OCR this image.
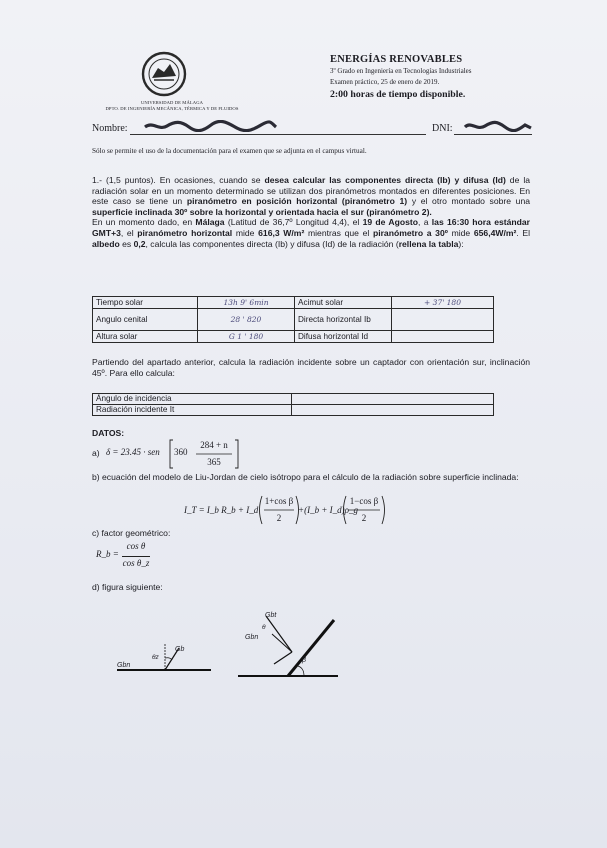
UNIVERSIDAD DE MÁLAGA
DPTO. DE INGENIERÍA MECÁNICA, TÉRMICA Y DE FLUIDOS
ENERGÍAS RENOVABLES
3º Grado en Ingeniería en Tecnologías Industriales
Examen práctico, 25 de enero de 2019.
2:00 horas de tiempo disponible.
Nombre:	DNI:
Sólo se permite el uso de la documentación para el examen que se adjunta en el campus virtual.
1.- (1,5 puntos). En ocasiones, cuando se desea calcular las componentes directa (Ib) y difusa (Id) de la radiación solar en un momento determinado se utilizan dos piranómetros montados en diferentes posiciones. En este caso se tiene un piranómetro en posición horizontal (piranómetro 1) y el otro montado sobre una superficie inclinada 30º sobre la horizontal y orientada hacia el sur (piranómetro 2).
En un momento dado, en Málaga (Latitud de 36,7º Longitud 4,4), el 19 de Agosto, a las 16:30 hora estándar GMT+3, el piranómetro horizontal mide 616,3 W/m² mientras que el piranómetro a 30º mide 656,4W/m². El albedo es 0,2, calcula las componentes directa (Ib) y difusa (Id) de la radiación (rellena la tabla):
Tiempo solar	13h 9' 6min	Acimut solar	+ 37' 180
Angulo cenital	28 ' 820	Directa horizontal Ib	
Altura solar	G 1 ' 180	Difusa horizontal Id	
Partiendo del apartado anterior, calcula la radiación incidente sobre un captador con orientación sur, inclinación 45º. Para ello calcula:
Ángulo de incidencia	
Radiación incidente It	
DATOS:
a) δ = 23.45 · sen 360
284 + n
365
b) ecuación del modelo de Liu-Jordan de cielo isótropo para el cálculo de la radiación sobre superficie inclinada:
I_T = I_b R_b + I_d
1+cos β
2
+(I_b + I_d)ρ_g
1−cos β
2
c) factor geométrico:
R_b =
cos θ
cos θ_z
d) figura siguiente:
Gb
Gbn
θz
Gbt
θ
Gbn
β
